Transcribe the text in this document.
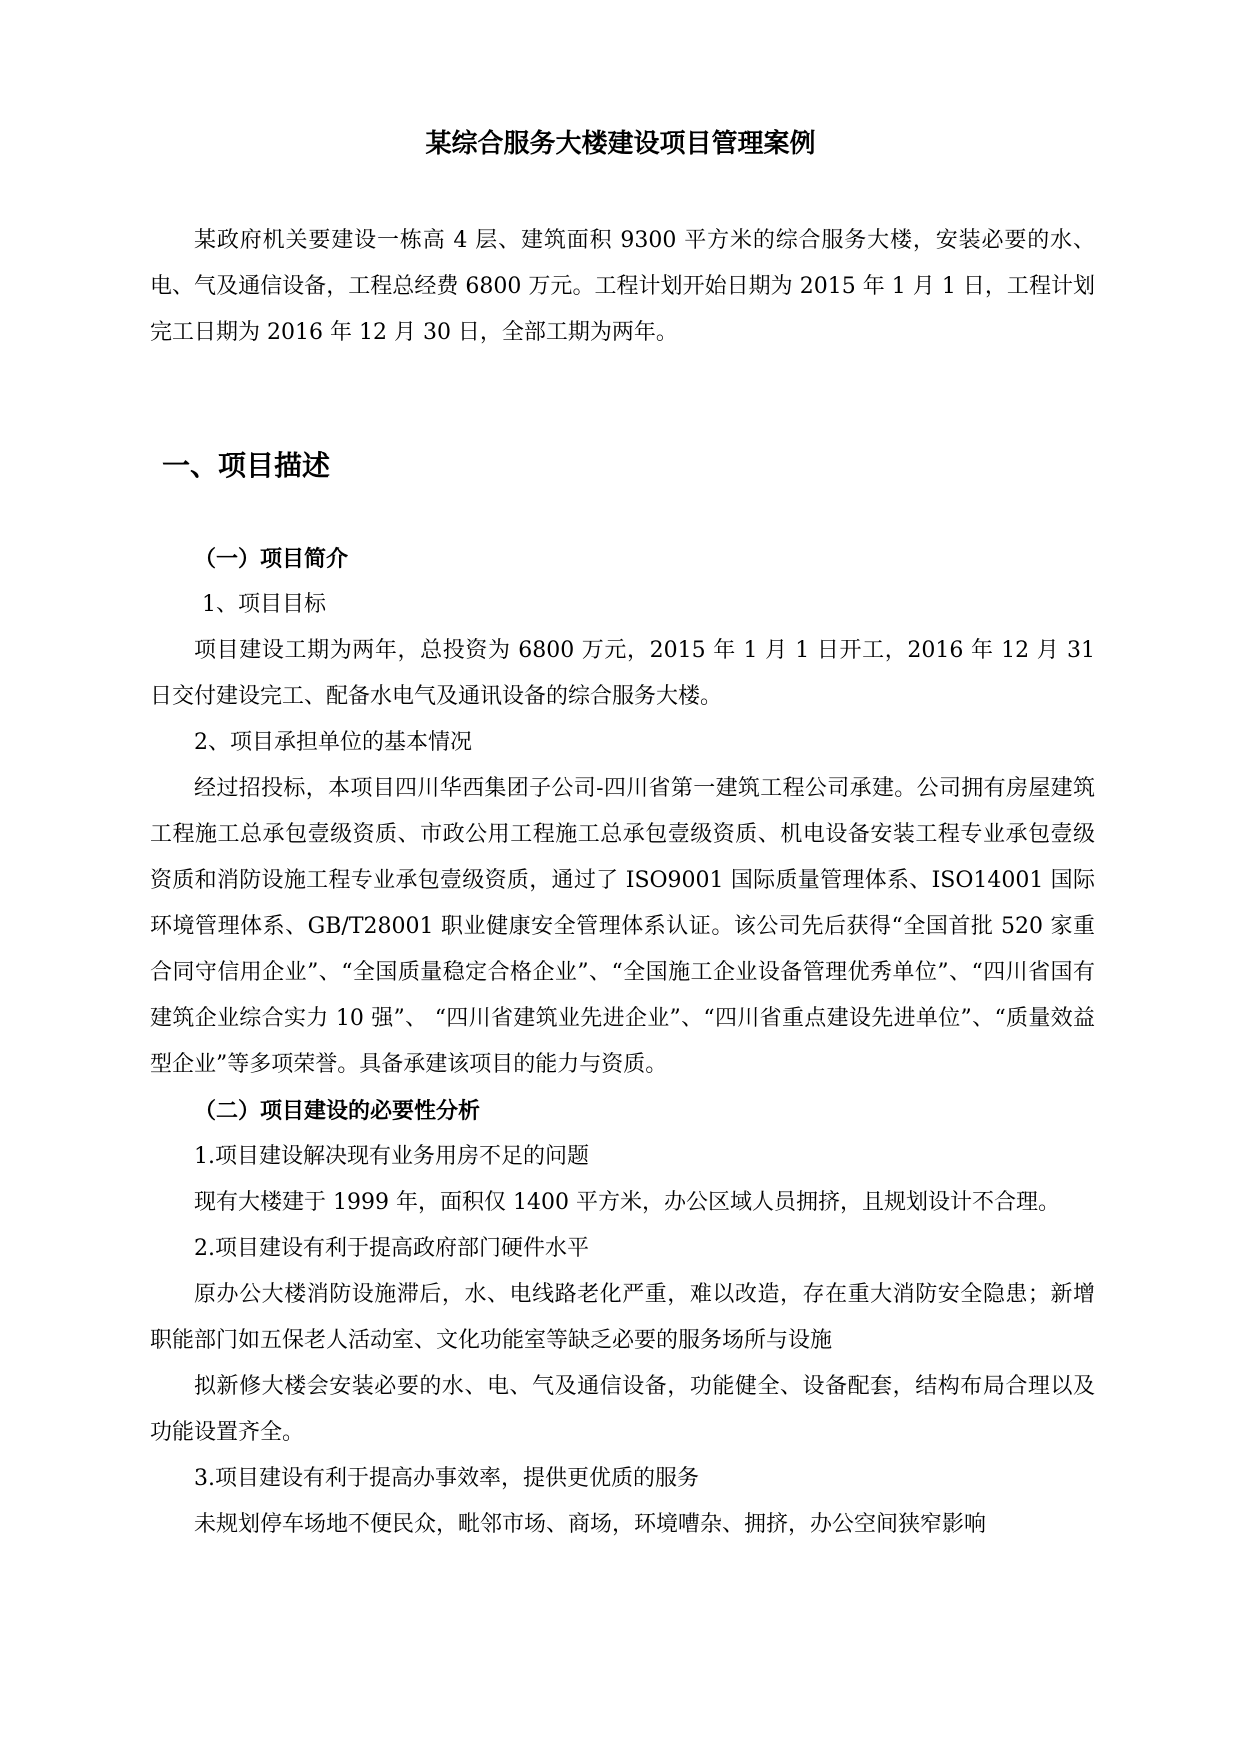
某综合服务大楼建设项目管理案例

某政府机关要建设一栋高 4 层、建筑面积 9300 平方米的综合服务大楼，安装必要的水、电、气及通信设备，工程总经费 6800 万元。工程计划开始日期为 2015 年 1 月 1 日，工程计划完工日期为 2016 年 12 月 30 日，全部工期为两年。

一、项目描述

（一）项目简介

1、项目目标

项目建设工期为两年，总投资为 6800 万元，2015 年 1 月 1 日开工，2016 年 12 月 31 日交付建设完工、配备水电气及通讯设备的综合服务大楼。

2、项目承担单位的基本情况

经过招投标，本项目四川华西集团子公司-四川省第一建筑工程公司承建。公司拥有房屋建筑工程施工总承包壹级资质、市政公用工程施工总承包壹级资质、机电设备安装工程专业承包壹级资质和消防设施工程专业承包壹级资质，通过了 ISO9001 国际质量管理体系、ISO14001 国际环境管理体系、GB/T28001 职业健康安全管理体系认证。该公司先后获得“全国首批 520 家重合同守信用企业”、“全国质量稳定合格企业”、“全国施工企业设备管理优秀单位”、“四川省国有建筑企业综合实力 10 强”、 “四川省建筑业先进企业”、“四川省重点建设先进单位”、“质量效益型企业”等多项荣誉。具备承建该项目的能力与资质。

（二）项目建设的必要性分析

1.项目建设解决现有业务用房不足的问题

现有大楼建于 1999 年，面积仅 1400 平方米，办公区域人员拥挤，且规划设计不合理。

2.项目建设有利于提高政府部门硬件水平

原办公大楼消防设施滞后，水、电线路老化严重，难以改造，存在重大消防安全隐患；新增职能部门如五保老人活动室、文化功能室等缺乏必要的服务场所与设施

拟新修大楼会安装必要的水、电、气及通信设备，功能健全、设备配套，结构布局合理以及功能设置齐全。

3.项目建设有利于提高办事效率，提供更优质的服务

未规划停车场地不便民众，毗邻市场、商场，环境嘈杂、拥挤，办公空间狭窄影响
